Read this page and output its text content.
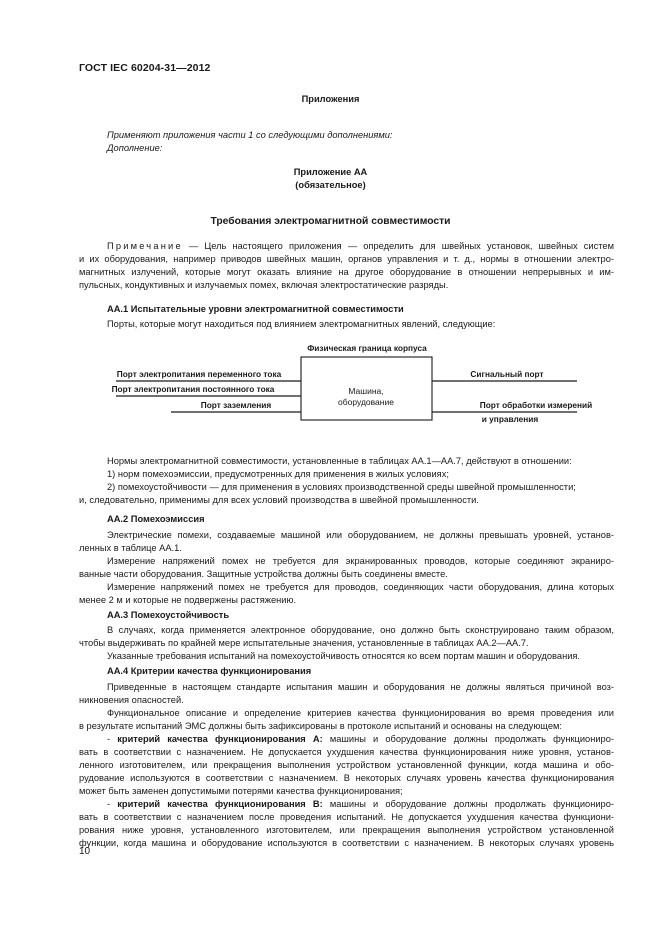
ГОСТ IEC 60204-31—2012
Приложения
Применяют приложения части 1 со следующими дополнениями:
Дополнение:
Приложение АА
(обязательное)
Требования электромагнитной совместимости
Примечание — Цель настоящего приложения — определить для швейных установок, швейных систем
и их оборудования, например приводов швейных машин, органов управления и т. д., нормы в отношении электро-
магнитных излучений, которые могут оказать влияние на другое оборудование в отношении непрерывных и им-
пульсных, кондуктивных и излучаемых помех, включая электростатические разряды.
АА.1 Испытательные уровни электромагнитной совместимости
Порты, которые могут находиться под влиянием электромагнитных явлений, следующие:
Физическая граница корпуса
Машина,
оборудование
Порт электропитания переменного тока
Порт электропитания постоянного тока
Порт заземления
Сигнальный порт
Порт обработки измерений
и управления
Нормы электромагнитной совместимости, установленные в таблицах АА.1—АА.7, действуют в отношении:
1) норм помехоэмиссии, предусмотренных для применения в жилых условиях;
2) помехоустойчивости — для применения в условиях производственной среды швейной промышленности;
и, следовательно, применимы для всех условий производства в швейной промышленности.
АА.2 Помехоэмиссия
Электрические помехи, создаваемые машиной или оборудованием, не должны превышать уровней, установ-
ленных в таблице АА.1.
Измерение напряжений помех не требуется для экранированных проводов, которые соединяют экраниро-
ванные части оборудования. Защитные устройства должны быть соединены вместе.
Измерение напряжений помех не требуется для проводов, соединяющих части оборудования, длина которых
менее 2 м и которые не подвержены растяжению.
АА.3 Помехоустойчивость
В случаях, когда применяется электронное оборудование, оно должно быть сконструировано таким образом,
чтобы выдерживать по крайней мере испытательные значения, установленные в таблицах АА.2—АА.7.
Указанные требования испытаний на помехоустойчивость относятся ко всем портам машин и оборудования.
АА.4 Критерии качества функционирования
Приведенные в настоящем стандарте испытания машин и оборудования не должны являться причиной воз-
никновения опасностей.
Функциональное описание и определение критериев качества функционирования во время проведения или
в результате испытаний ЭМС должны быть зафиксированы в протоколе испытаний и основаны на следующем:
- критерий качества функционирования А: машины и оборудование должны продолжать функциониро-
вать в соответствии с назначением. Не допускается ухудшения качества функционирования ниже уровня, установ-
ленного изготовителем, или прекращения выполнения устройством установленной функции, когда машина и обо-
рудование используются в соответствии с назначением. В некоторых случаях уровень качества функционирования
может быть заменен допустимыми потерями качества функционирования;
- критерий качества функционирования В: машины и оборудование должны продолжать функциониро-
вать в соответствии с назначением после проведения испытаний. Не допускается ухудшения качества функциони-
рования ниже уровня, установленного изготовителем, или прекращения выполнения устройством установленной
функции, когда машина и оборудование используются в соответствии с назначением. В некоторых случаях уровень
10
